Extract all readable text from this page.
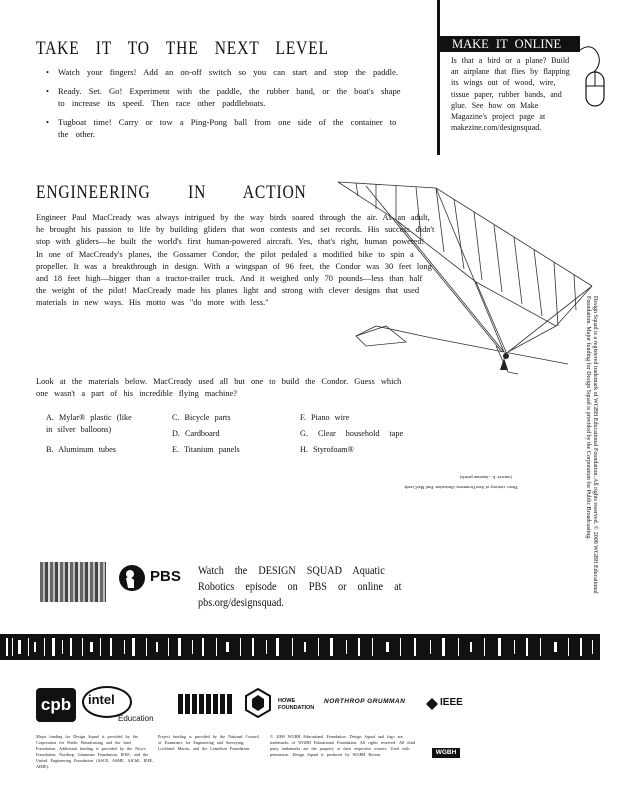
TAKE IT TO THE NEXT LEVEL
• Watch your fingers! Add an on-off switch so you can start and stop the paddle.
• Ready. Set. Go! Experiment with the paddle, the rubber band, or the boat's shape to increase its speed. Then race other paddleboats.
• Tugboat time! Carry or tow a Ping-Pong ball from one side of the container to the other.
MAKE IT ONLINE
Is that a bird or a plane? Build an airplane that flies by flapping its wings out of wood, wire, tissue paper, rubber bands, and glue. See how on Make Magazine's project page at makezine.com/designsquad.
ENGINEERING IN ACTION
Engineer Paul MacCready was always intrigued by the way birds soared through the air. As an adult, he brought his passion to life by building gliders that won contests and set records. His success didn't stop with gliders—he built the world's first human-powered aircraft. Yes, that's right, human powered! In one of MacCready's planes, the Gossamer Condor, the pilot pedaled a modified bike to spin a propeller. It was a breakthrough in design. With a wingspan of 96 feet, the Condor was 30 feet long and 18 feet high—bigger than a tractor-trailer truck. And it weighed only 70 pounds—less than half the weight of the pilot! MacCready made his planes light and strong with clever designs that used materials in new ways. His motto was "do more with less."
Look at the materials below. MacCready used all but one to build the Condor. Guess which one wasn't a part of his incredible flying machine?
A. Mylar® plastic (like in silver balloons)
B. Aluminum tubes
C. Bicycle parts
D. Cardboard
E. Titanium panels
F. Piano wire
G. Clear household tape
H. Styrofoam®
(answer: E—titanium panels)
Photo: courtesy of AeroVironment; illustration: Paul MacCready	Design Squad is a registered trademark of WGBH Educational Foundation. All rights reserved. © 2008 WGBH Educational Foundation. Major funding for Design Squad is provided by the Corporation for Public Broadcasting.
PBS Watch the DESIGN SQUAD Aquatic Robotics episode on PBS or online at pbs.org/designsquad.
cpb	intel
Education
HOWE FOUNDATION
NORTHROP GRUMMAN	IEEE
Major funding for Design Squad is provided by the Corporation for Public Broadcasting and the Intel Foundation. Additional funding is provided by the Noyce Foundation, Northrop Grumman Foundation, IEEE, and the United Engineering Foundation (ASCE, ASME, AIChE, IEEE, AIME).
Project funding is provided by the National Council of Examiners for Engineering and Surveying, Lockheed Martin, and the Lemelson Foundation.
© 2008 WGBH Educational Foundation. Design Squad and logo are trademarks of WGBH Educational Foundation. All rights reserved. All third party trademarks are the property of their respective owners. Used with permission. Design Squad is produced by WGBH Boston.	WGBH
